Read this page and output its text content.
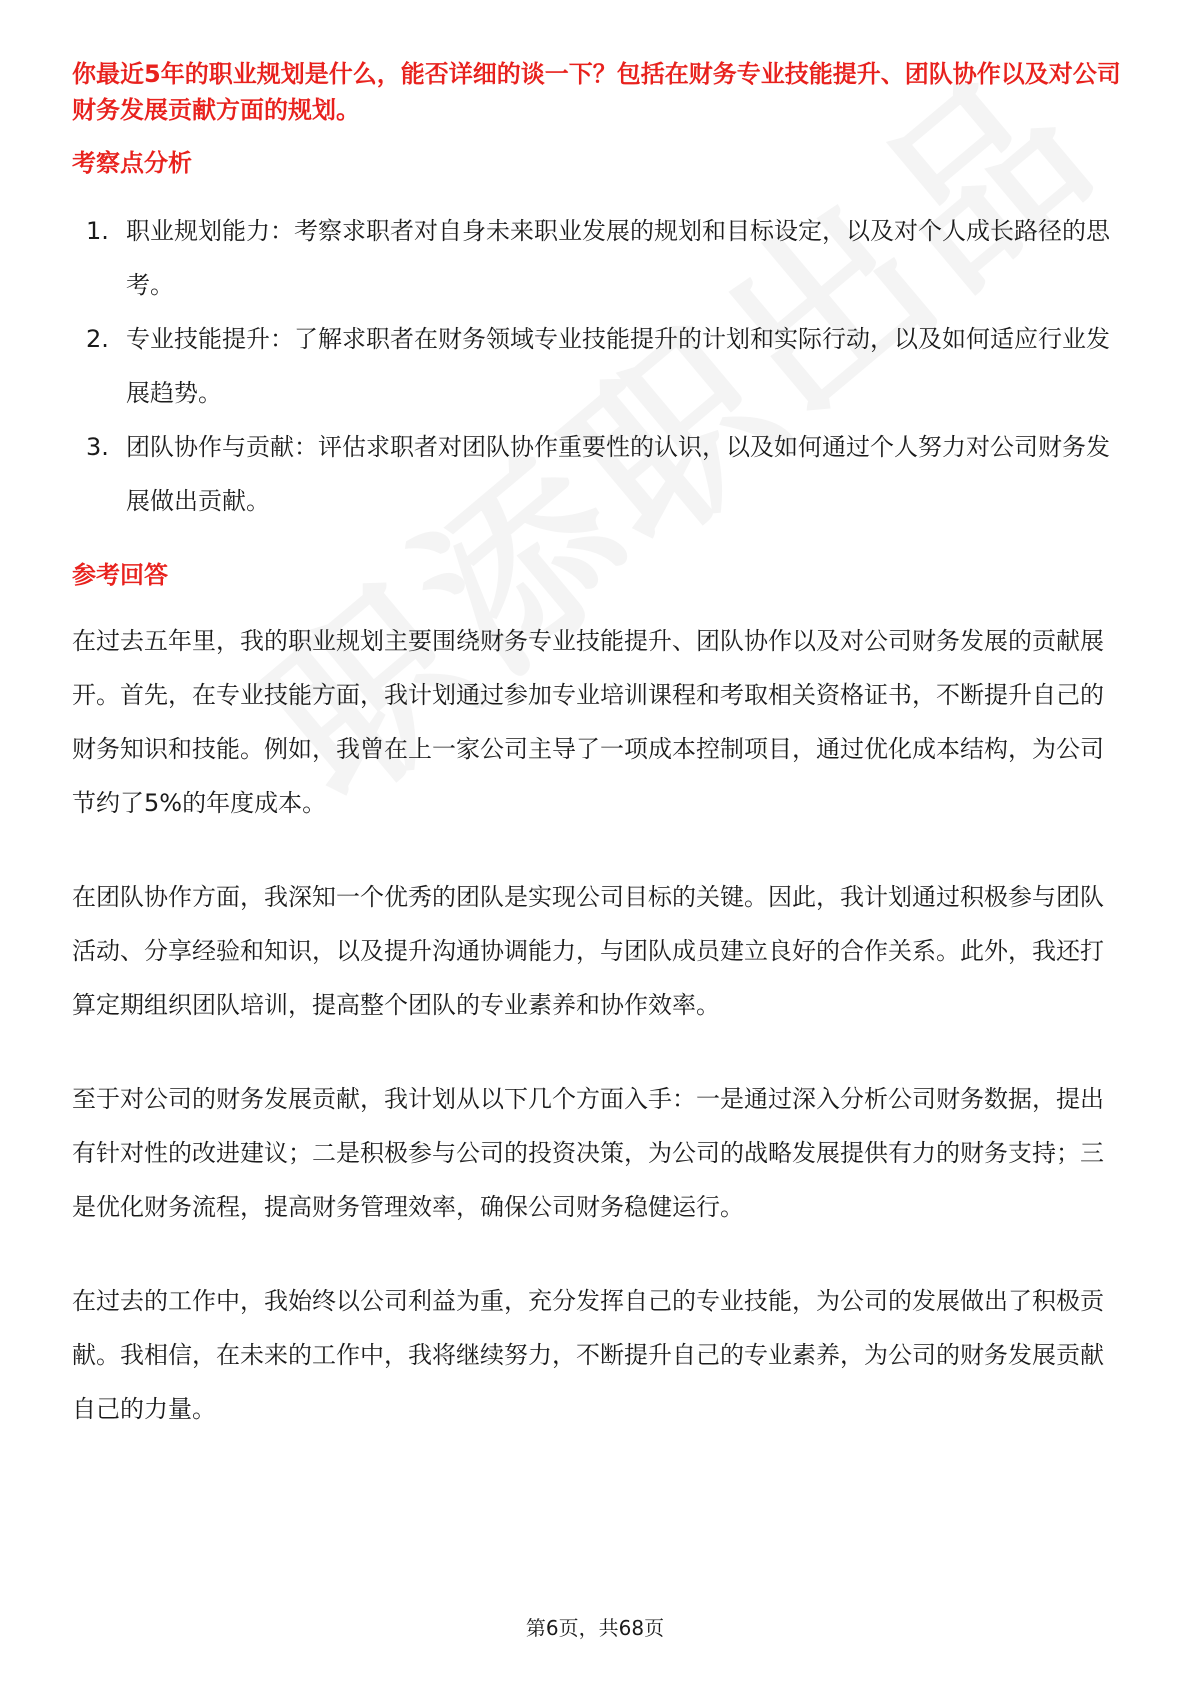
你最近5年的职业规划是什么，能否详细的谈一下？包括在财务专业技能提升、团队协作以及对公司财务发展贡献方面的规划。

考察点分析
1. 职业规划能力：考察求职者对自身未来职业发展的规划和目标设定，以及对个人成长路径的思考。
2. 专业技能提升：了解求职者在财务领域专业技能提升的计划和实际行动，以及如何适应行业发展趋势。
3. 团队协作与贡献：评估求职者对团队协作重要性的认识，以及如何通过个人努力对公司财务发展做出贡献。
参考回答

在过去五年里，我的职业规划主要围绕财务专业技能提升、团队协作以及对公司财务发展的贡献展开。首先，在专业技能方面，我计划通过参加专业培训课程和考取相关资格证书，不断提升自己的财务知识和技能。例如，我曾在上一家公司主导了一项成本控制项目，通过优化成本结构，为公司节约了5%的年度成本。

在团队协作方面，我深知一个优秀的团队是实现公司目标的关键。因此，我计划通过积极参与团队活动、分享经验和知识，以及提升沟通协调能力，与团队成员建立良好的合作关系。此外，我还打算定期组织团队培训，提高整个团队的专业素养和协作效率。

至于对公司的财务发展贡献，我计划从以下几个方面入手：一是通过深入分析公司财务数据，提出有针对性的改进建议；二是积极参与公司的投资决策，为公司的战略发展提供有力的财务支持；三是优化财务流程，提高财务管理效率，确保公司财务稳健运行。

在过去的工作中，我始终以公司利益为重，充分发挥自己的专业技能，为公司的发展做出了积极贡献。我相信，在未来的工作中，我将继续努力，不断提升自己的专业素养，为公司的财务发展贡献自己的力量。

第6页，共68页
